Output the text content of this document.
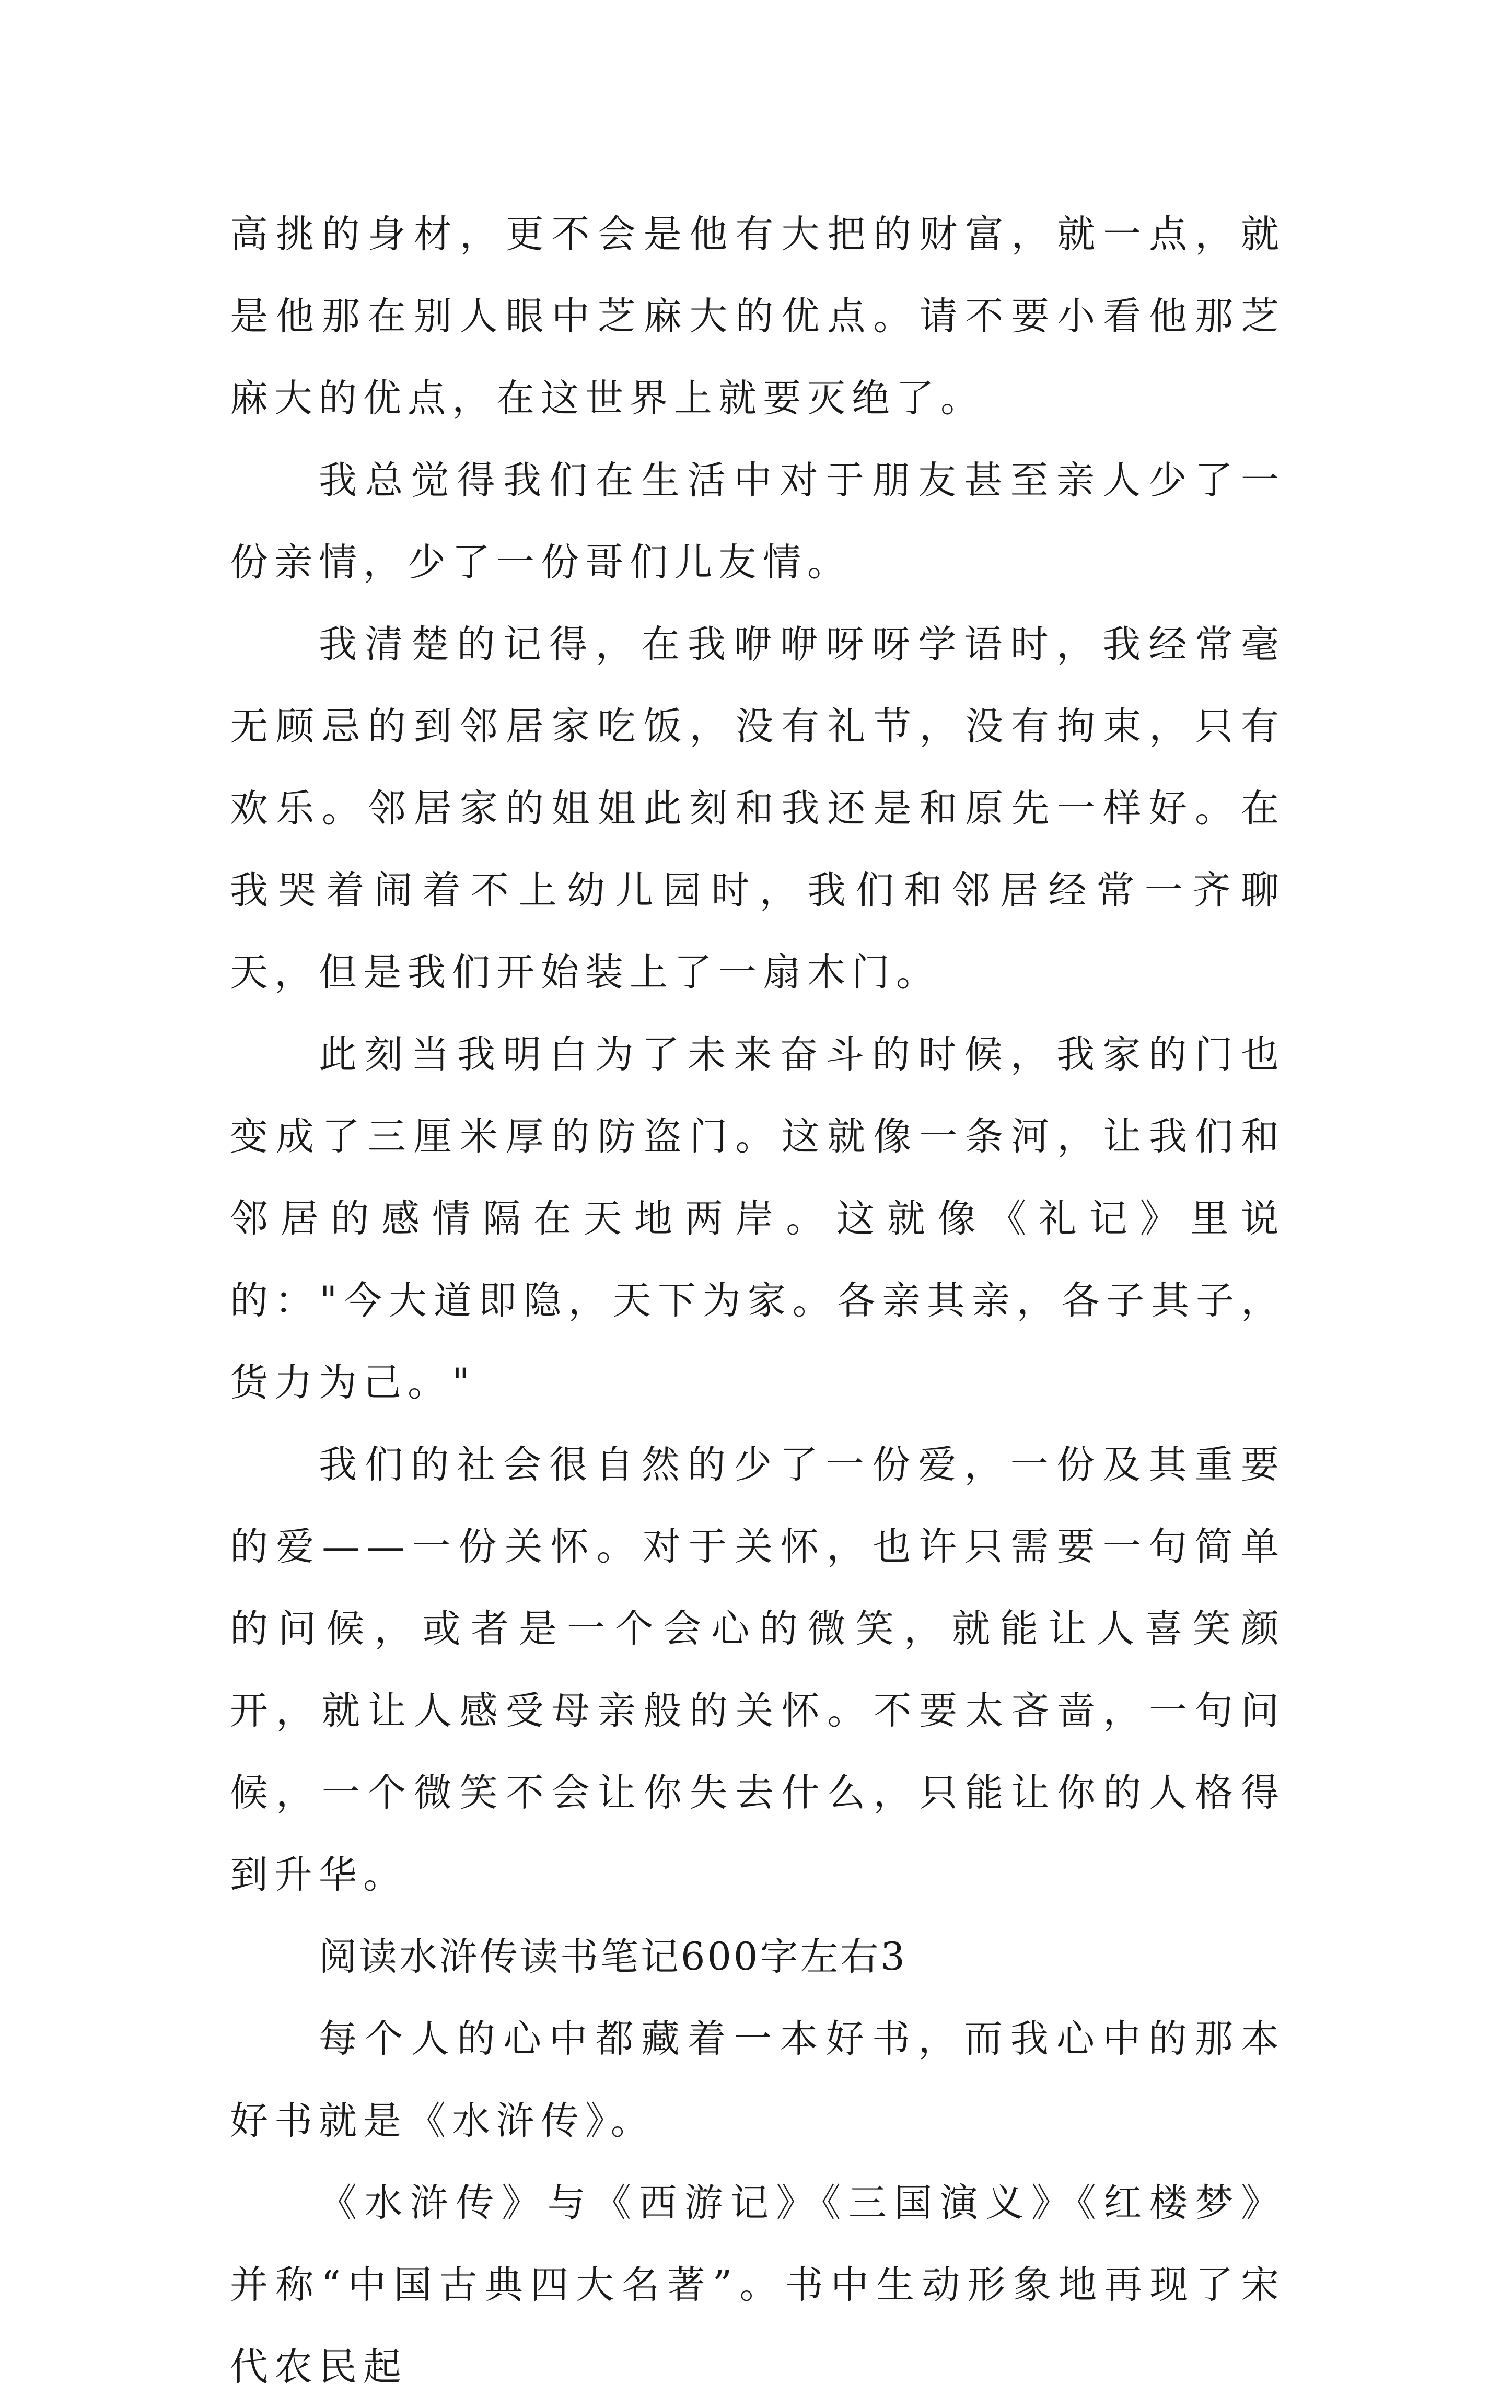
高挑的身材，更不会是他有大把的财富，就一点，就是他那在别人眼中芝麻大的优点。请不要小看他那芝麻大的优点，在这世界上就要灭绝了。

我总觉得我们在生活中对于朋友甚至亲人少了一份亲情，少了一份哥们儿友情。

我清楚的记得，在我咿咿呀呀学语时，我经常毫无顾忌的到邻居家吃饭，没有礼节，没有拘束，只有欢乐。邻居家的姐姐此刻和我还是和原先一样好。在我哭着闹着不上幼儿园时，我们和邻居经常一齐聊天，但是我们开始装上了一扇木门。

此刻当我明白为了未来奋斗的时候，我家的门也变成了三厘米厚的防盗门。这就像一条河，让我们和邻居的感情隔在天地两岸。这就像《礼记》里说的："今大道即隐，天下为家。各亲其亲，各子其子，货力为己。"

我们的社会很自然的少了一份爱，一份及其重要的爱——一份关怀。对于关怀，也许只需要一句简单的问候，或者是一个会心的微笑，就能让人喜笑颜开，就让人感受母亲般的关怀。不要太吝啬，一句问候，一个微笑不会让你失去什么，只能让你的人格得到升华。

阅读水浒传读书笔记600字左右3

每个人的心中都藏着一本好书，而我心中的那本好书就是《水浒传》。

《水浒传》与《西游记》《三国演义》《红楼梦》并称“中国古典四大名著”。书中生动形象地再现了宋代农民起
